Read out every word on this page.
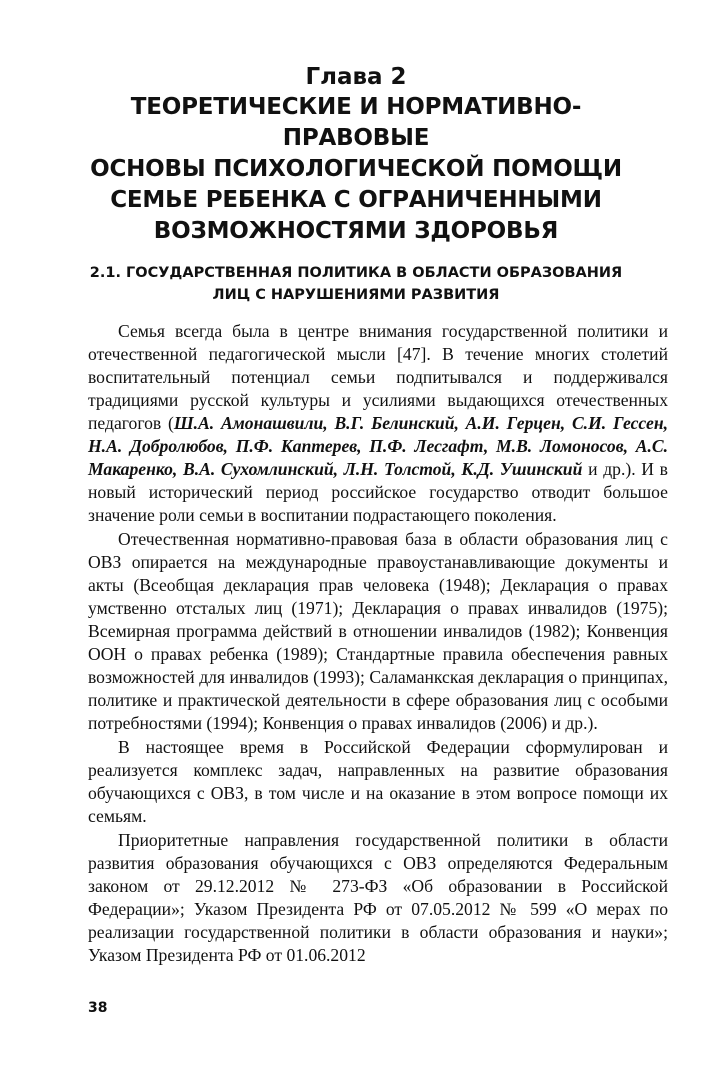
Глава 2
ТЕОРЕТИЧЕСКИЕ И НОРМАТИВНО-ПРАВОВЫЕ
ОСНОВЫ ПСИХОЛОГИЧЕСКОЙ ПОМОЩИ
СЕМЬЕ РЕБЕНКА С ОГРАНИЧЕННЫМИ
ВОЗМОЖНОСТЯМИ ЗДОРОВЬЯ
2.1. ГОСУДАРСТВЕННАЯ ПОЛИТИКА В ОБЛАСТИ ОБРАЗОВАНИЯ
ЛИЦ С НАРУШЕНИЯМИ РАЗВИТИЯ

Семья всегда была в центре внимания государственной политики и отечественной педагогической мысли [47]. В течение многих столетий воспитательный потенциал семьи подпитывался и поддерживался традициями русской культуры и усилиями выдающихся отечественных педагогов (Ш.А. Амонашвили, В.Г. Белинский, А.И. Герцен, С.И. Гессен, Н.А. Добролюбов, П.Ф. Каптерев, П.Ф. Лесгафт, М.В. Ломоносов, А.С. Макаренко, В.А. Сухомлинский, Л.Н. Толстой, К.Д. Ушинский и др.). И в новый исторический период российское государство отводит большое значение роли семьи в воспитании подрастающего поколения.

Отечественная нормативно-правовая база в области образования лиц с ОВЗ опирается на международные правоустанавливающие документы и акты (Всеобщая декларация прав человека (1948); Декларация о правах умственно отсталых лиц (1971); Декларация о правах инвалидов (1975); Всемирная программа действий в отношении инвалидов (1982); Конвенция ООН о правах ребенка (1989); Стандартные правила обеспечения равных возможностей для инвалидов (1993); Саламанкская декларация о принципах, политике и практической деятельности в сфере образования лиц с особыми потребностями (1994); Конвенция о правах инвалидов (2006) и др.).

В настоящее время в Российской Федерации сформулирован и реализуется комплекс задач, направленных на развитие образования обучающихся с ОВЗ, в том числе и на оказание в этом вопросе помощи их семьям.

Приоритетные направления государственной политики в области развития образования обучающихся с ОВЗ определяются Федеральным законом от 29.12.2012 № 273-ФЗ «Об образовании в Российской Федерации»; Указом Президента РФ от 07.05.2012 № 599 «О мерах по реализации государственной политики в области образования и науки»; Указом Президента РФ от 01.06.2012

38
